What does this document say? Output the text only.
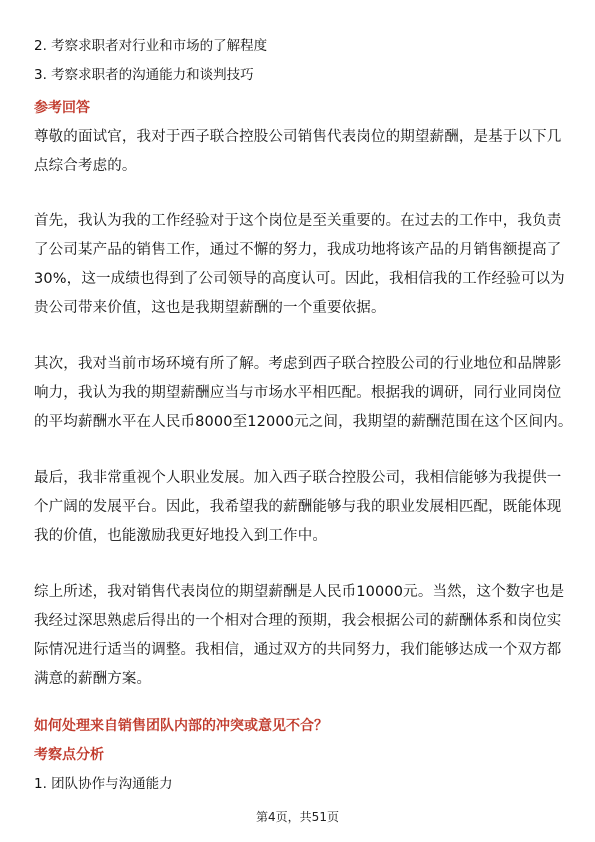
2. 考察求职者对行业和市场的了解程度
3. 考察求职者的沟通能力和谈判技巧
参考回答
尊敬的面试官，我对于西子联合控股公司销售代表岗位的期望薪酬，是基于以下几
点综合考虑的。
首先，我认为我的工作经验对于这个岗位是至关重要的。在过去的工作中，我负责
了公司某产品的销售工作，通过不懈的努力，我成功地将该产品的月销售额提高了
30%，这一成绩也得到了公司领导的高度认可。因此，我相信我的工作经验可以为
贵公司带来价值，这也是我期望薪酬的一个重要依据。
其次，我对当前市场环境有所了解。考虑到西子联合控股公司的行业地位和品牌影
响力，我认为我的期望薪酬应当与市场水平相匹配。根据我的调研，同行业同岗位
的平均薪酬水平在人民币8000至12000元之间，我期望的薪酬范围在这个区间内。
最后，我非常重视个人职业发展。加入西子联合控股公司，我相信能够为我提供一
个广阔的发展平台。因此，我希望我的薪酬能够与我的职业发展相匹配，既能体现
我的价值，也能激励我更好地投入到工作中。
综上所述，我对销售代表岗位的期望薪酬是人民币10000元。当然，这个数字也是
我经过深思熟虑后得出的一个相对合理的预期，我会根据公司的薪酬体系和岗位实
际情况进行适当的调整。我相信，通过双方的共同努力，我们能够达成一个双方都
满意的薪酬方案。
如何处理来自销售团队内部的冲突或意见不合？
考察点分析
1. 团队协作与沟通能力
第4页，共51页
